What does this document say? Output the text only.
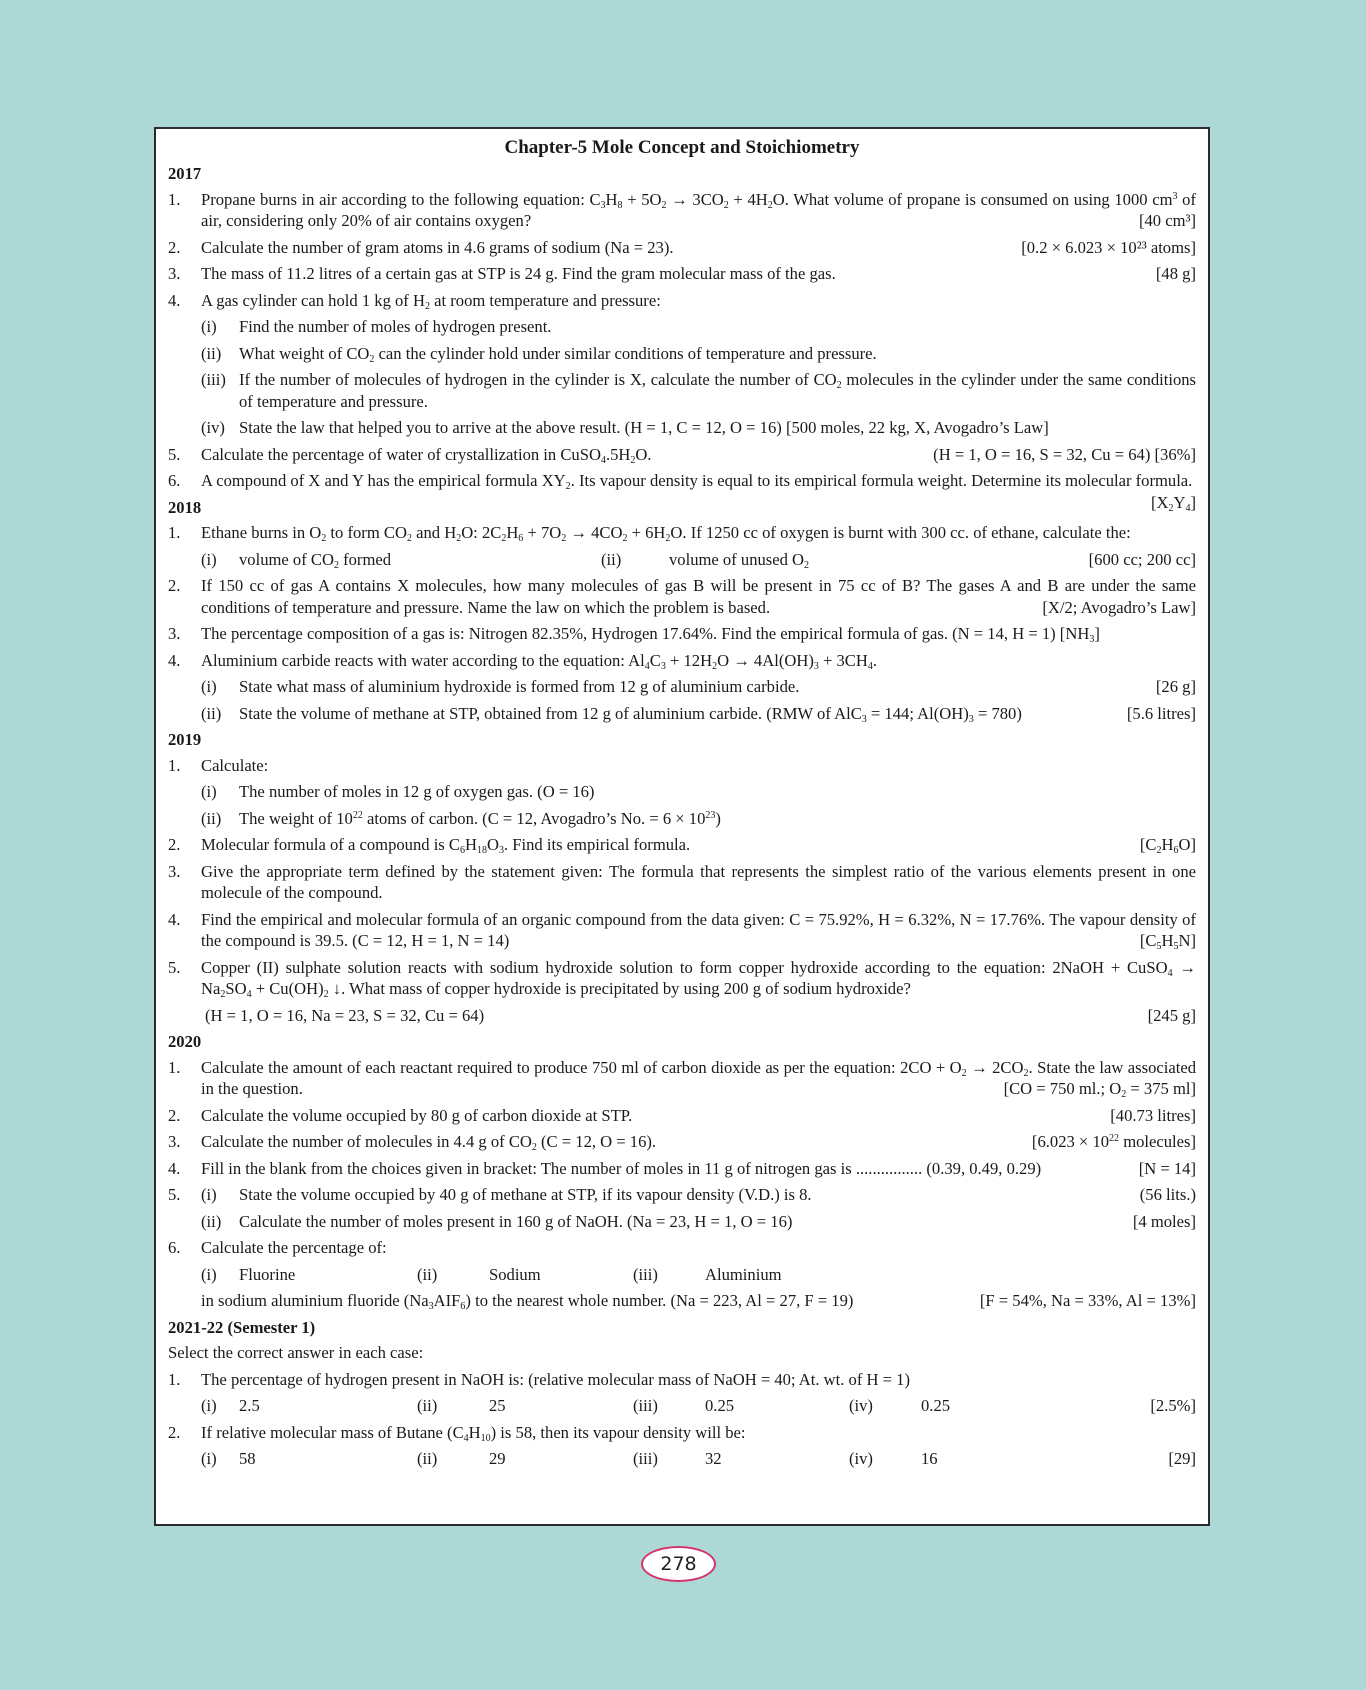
Chapter-5 Mole Concept and Stoichiometry
2017
1. Propane burns in air according to the following equation: $C_3H_8 + 5O_2 \to 3CO_2 + 4H_2O$. What volume of propane is consumed on using 1000 $cm^3$ of air, considering only 20% of air contains oxygen?	[40 cm³]
2.	[0.2 × 6.023 × 10²³ atoms]
Calculate the number of gram atoms in 4.6 grams of sodium (Na = 23).
3.	[48 g]
The mass of 11.2 litres of a certain gas at STP is 24 g. Find the gram molecular mass of the gas.
4. A gas cylinder can hold 1 kg of $H_2$ at room temperature and pressure:
(i) Find the number of moles of hydrogen present.
(ii) What weight of $CO_2$ can the cylinder hold under similar conditions of temperature and pressure.
(iii) If the number of molecules of hydrogen in the cylinder is X, calculate the number of $CO_2$ molecules in the cylinder under the same conditions of temperature and pressure.
(iv) State the law that helped you to arrive at the above result. (H = 1, C = 12, O = 16) [500 moles, 22 kg, X, Avogadro’s Law]
5.	(H = 1, O = 16, S = 32, Cu = 64) [36%]
Calculate the percentage of water of crystallization in $CuSO_4.5H_2O$.
6. A compound of X and Y has the empirical formula $XY_2$. Its vapour density is equal to its empirical formula weight. Determine its molecular formula.
$[X_2Y_4]$
2018
1. Ethane burns in $O_2$ to form $CO_2$ and $H_2O$: $2C_2H_6 + 7O_2 \to 4CO_2 + 6H_2O$. If 1250 cc of oxygen is burnt with 300 cc. of ethane, calculate the:
[600 cc; 200 cc]
(i)	volume of $CO_2$ formed	(ii)	volume of unused $O_2$
2. If 150 cc of gas A contains X molecules, how many molecules of gas B will be present in 75 cc of B? The gases A and B are under the same conditions of temperature and pressure. Name the law on which the problem is based.	[X/2; Avogadro’s Law]
3. The percentage composition of a gas is: Nitrogen 82.35%, Hydrogen 17.64%. Find the empirical formula of gas. (N = 14, H = 1) $[NH_3]$
4. Aluminium carbide reacts with water according to the equation: $Al_4C_3 + 12H_2O \to 4Al(OH)_3 + 3CH_4$.
(i)	[26 g]
State what mass of aluminium hydroxide is formed from 12 g of aluminium carbide.
(ii)	[5.6 litres]
State the volume of methane at STP, obtained from 12 g of aluminium carbide. (RMW of AlC$_3$ = 144; $Al(OH)_3 = 780$)
2019
1. Calculate:
(i) The number of moles in 12 g of oxygen gas. (O = 16)
(ii) The weight of $10^{22}$ atoms of carbon. (C = 12, Avogadro’s No. = $6 \times 10^{23}$)
2.	$[C_2H_6O]$
Molecular formula of a compound is $C_6H_{18}O_3$. Find its empirical formula.
3. Give the appropriate term defined by the statement given: The formula that represents the simplest ratio of the various elements present in one molecule of the compound.
4. Find the empirical and molecular formula of an organic compound from the data given: C = 75.92%, H = 6.32%, N = 17.76%. The vapour density of the compound is 39.5. (C = 12, H = 1, N = 14)	$[C_5H_5N]$
5. Copper (II) sulphate solution reacts with sodium hydroxide solution to form copper hydroxide according to the equation: 2NaOH + CuSO$_4$ → $Na_2SO_4 + Cu(OH)_2$ ↓. What mass of copper hydroxide is precipitated by using 200 g of sodium hydroxide?
[245 g]
(H = 1, O = 16, Na = 23, S = 32, Cu = 64)
2020
1. Calculate the amount of each reactant required to produce 750 ml of carbon dioxide as per the equation: $2CO + O_2 \to 2CO_2$. State the law associated in the question.	[CO = 750 ml.; $O_2 = 375$ ml]
2.	[40.73 litres]
Calculate the volume occupied by 80 g of carbon dioxide at STP.
3.	[$6.023 \times 10^{22}$ molecules]
Calculate the number of molecules in 4.4 g of $CO_2$ (C = 12, O = 16).
4.	[N = 14]
Fill in the blank from the choices given in bracket: The number of moles in 11 g of nitrogen gas is ................ (0.39, 0.49, 0.29)
5. (i)	(56 lits.)
State the volume occupied by 40 g of methane at STP, if its vapour density (V.D.) is 8.
(ii)	[4 moles]
Calculate the number of moles present in 160 g of NaOH. (Na = 23, H = 1, O = 16)
6. Calculate the percentage of:
(i)	Fluorine	(ii)	Sodium	(iii)	Aluminium
[F = 54%, Na = 33%, Al = 13%]
in sodium aluminium fluoride $(Na_3AIF_6)$ to the nearest whole number. (Na = 223, Al = 27, F = 19)
2021-22 (Semester 1)
Select the correct answer in each case:
1. The percentage of hydrogen present in NaOH is: (relative molecular mass of NaOH = 40; At. wt. of H = 1)
(i)	2.5	(ii)	25	(iii)	0.25	(iv)	0.25	[2.5%]
2. If relative molecular mass of Butane $(C_4H_{10})$ is 58, then its vapour density will be:
(i)	58	(ii)	29	(iii)	32	(iv)	16	[29]
278
